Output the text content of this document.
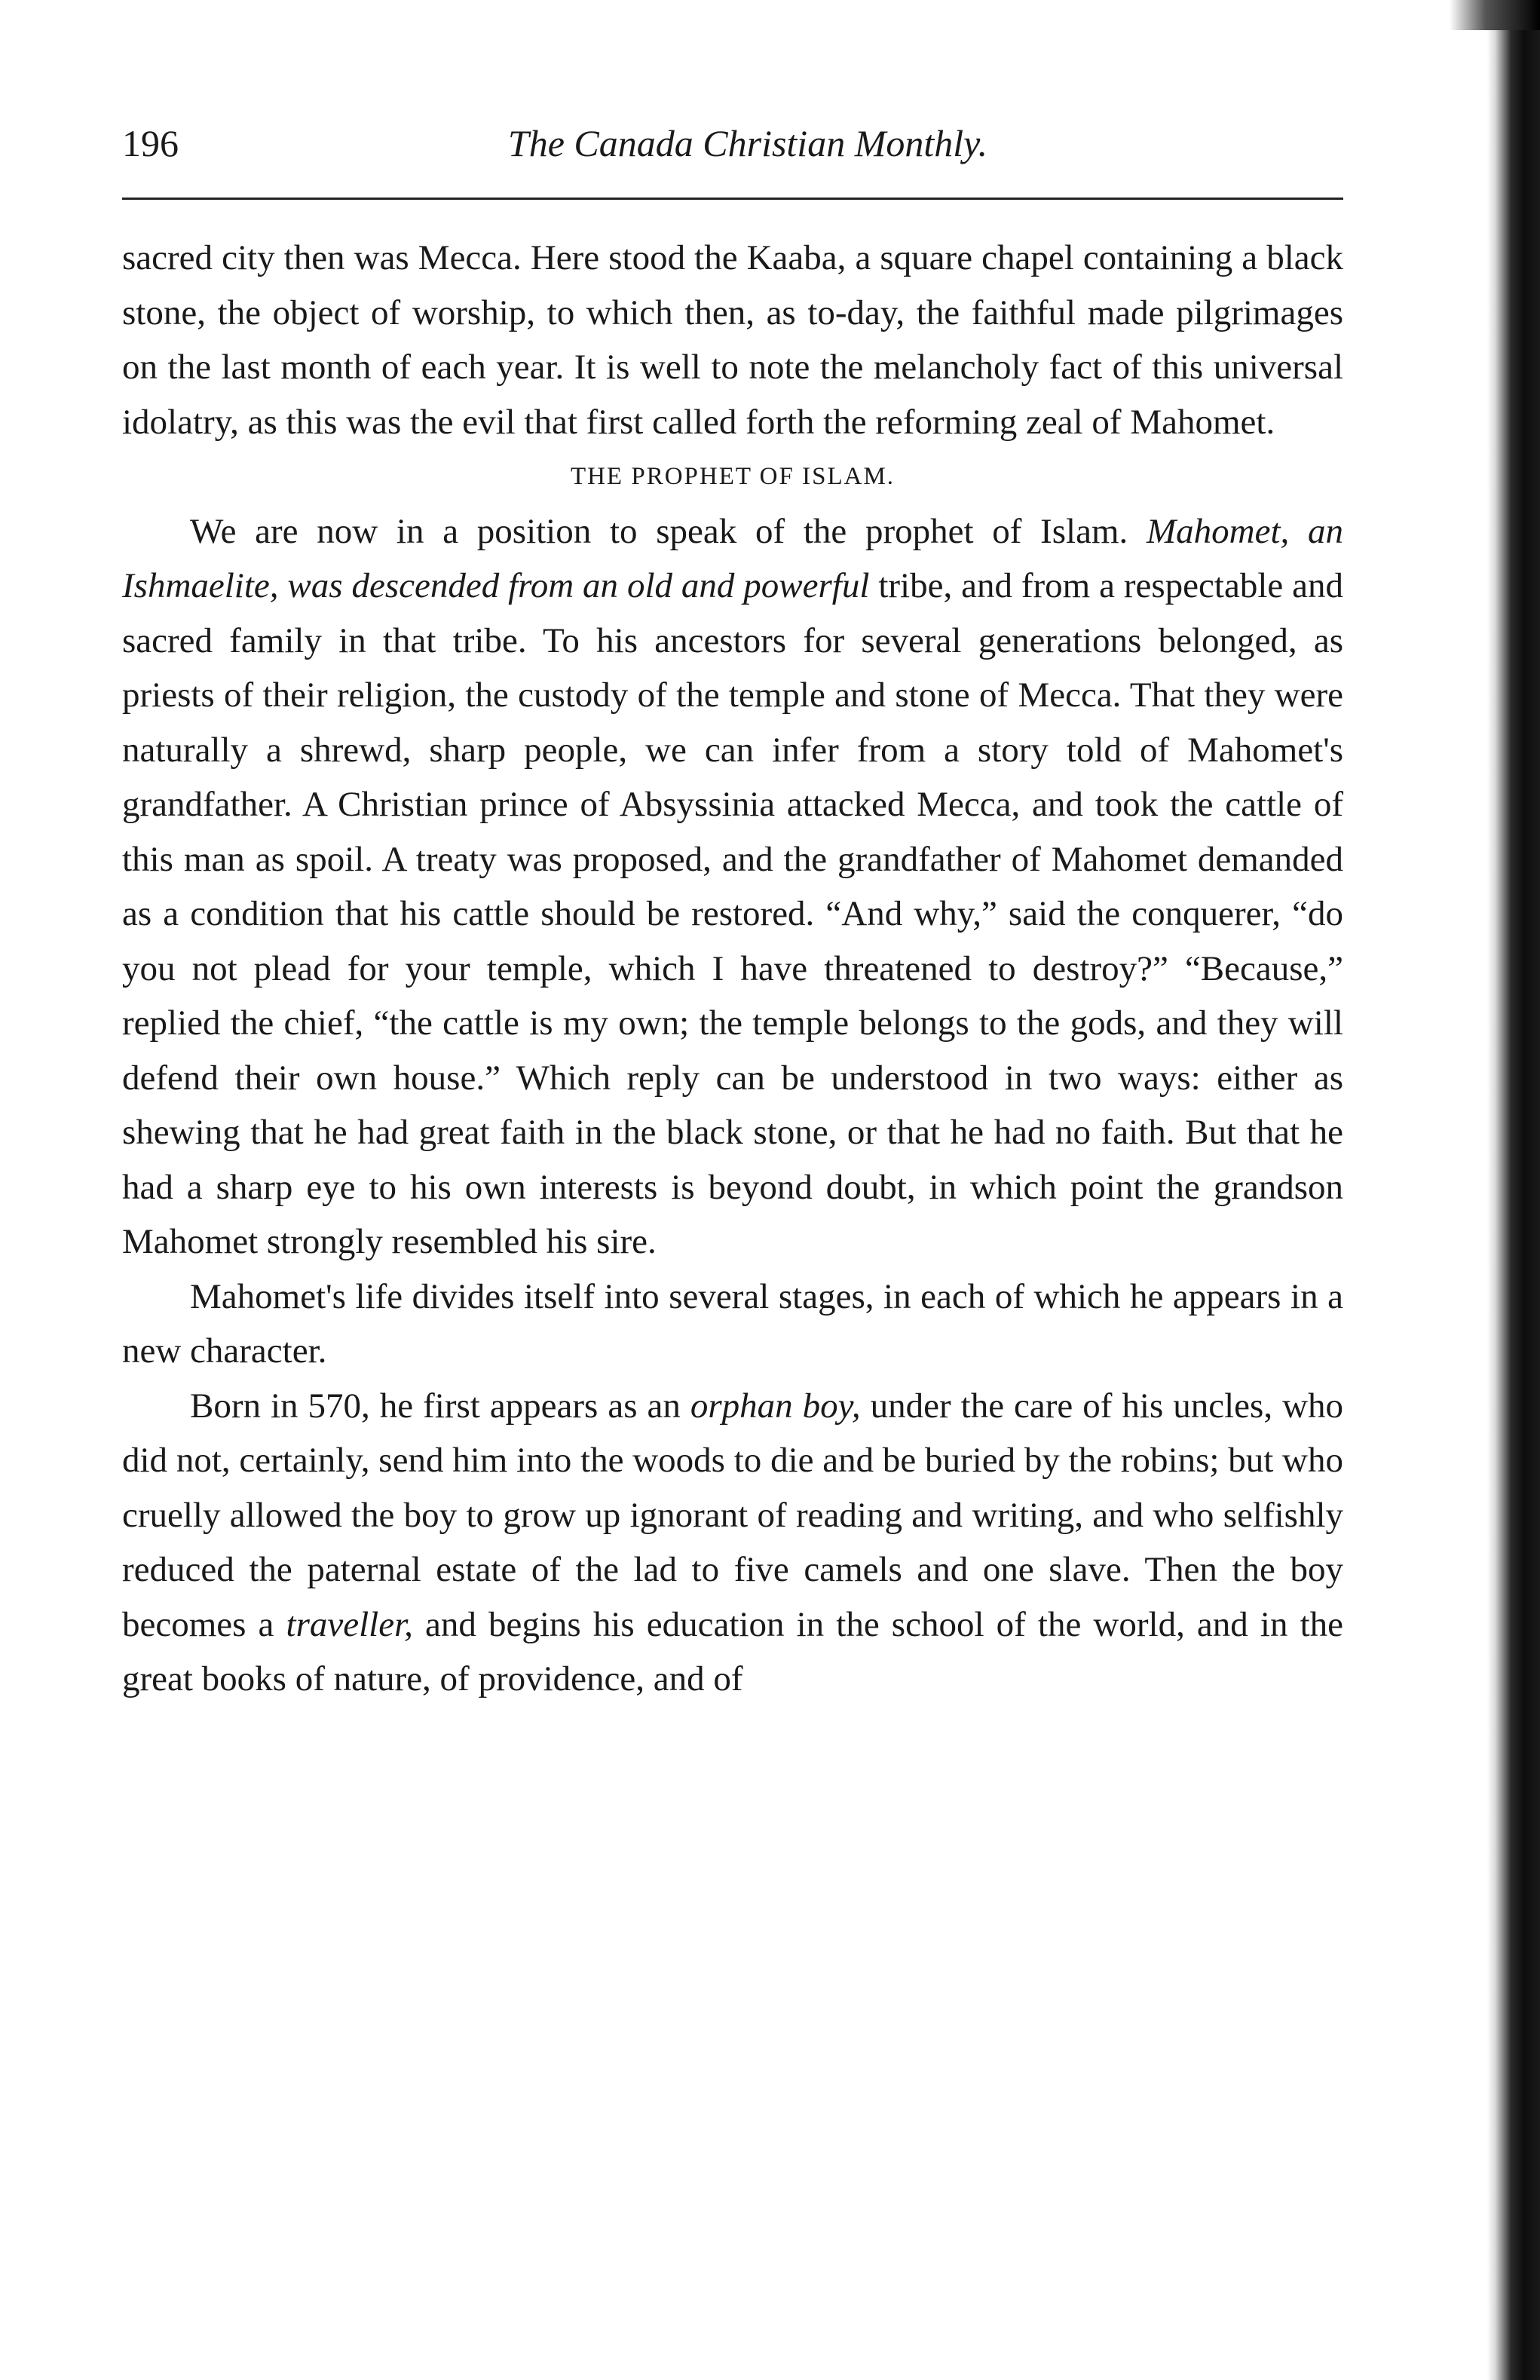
196	The Canada Christian Monthly.

sacred city then was Mecca. Here stood the Kaaba, a square chapel containing a black stone, the object of worship, to which then, as to-day, the faithful made pilgrimages on the last month of each year. It is well to note the melancholy fact of this universal idolatry, as this was the evil that first called forth the reforming zeal of Mahomet.

THE PROPHET OF ISLAM.

We are now in a position to speak of the prophet of Islam. Mahomet, an Ishmaelite, was descended from an old and powerful tribe, and from a respectable and sacred family in that tribe. To his ancestors for several generations belonged, as priests of their religion, the custody of the temple and stone of Mecca. That they were naturally a shrewd, sharp people, we can infer from a story told of Mahomet's grandfather. A Christian prince of Absyssinia attacked Mecca, and took the cattle of this man as spoil. A treaty was proposed, and the grandfather of Mahomet demanded as a condition that his cattle should be restored. “And why,” said the conquerer, “do you not plead for your temple, which I have threatened to destroy?” “Because,” replied the chief, “the cattle is my own; the temple belongs to the gods, and they will defend their own house.” Which reply can be understood in two ways: either as shewing that he had great faith in the black stone, or that he had no faith. But that he had a sharp eye to his own interests is beyond doubt, in which point the grandson Mahomet strongly resembled his sire.

Mahomet's life divides itself into several stages, in each of which he appears in a new character.

Born in 570, he first appears as an orphan boy, under the care of his uncles, who did not, certainly, send him into the woods to die and be buried by the robins; but who cruelly allowed the boy to grow up ignorant of reading and writing, and who selfishly reduced the paternal estate of the lad to five camels and one slave. Then the boy becomes a traveller, and begins his education in the school of the world, and in the great books of nature, of providence, and of
